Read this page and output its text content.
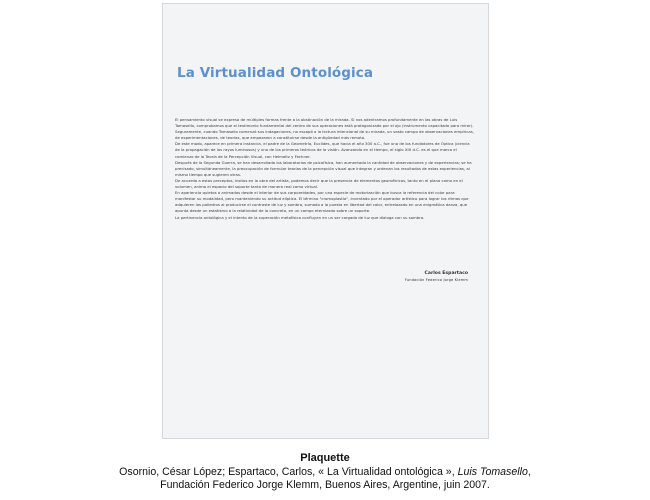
La Virtualidad Ontológica

El pensamiento visual se expresa de múltiples formas frente a la obstinación de la mirada. Si nos adentramos profundamente en las obras de Luis Tomasello, comprobamos que el testimonio fundamental del centro de sus operaciones está protagonizado por el ojo (instrumento capacitado para mirar).

Seguramente, cuando Tomasello comenzó sus indagaciones, no escapó a la lectura intencional de su mirada, un vasto campo de observaciones empíricas, de experimentaciones, de teorías, que empezaron a constituirse desde la antigüedad más remota.

De este modo, aparece en primera instancia, el padre de la Geometría, Euclides, que hacia el año 300 a.C., fue uno de los fundadores de Óptica (ciencia de la propagación de los rayos luminosos) y uno de los primeros teóricos de la visión. Avanzando en el tiempo, el siglo XIX d.C. es el que marca el comienzo de la Teoría de la Percepción Visual, con Helmoltz y Fechner.

Después de la Segunda Guerra, se han desarrollado los laboratorios de psicofísica, han aumentado la cantidad de observaciones y de experiencias; se ha precisado, simultáneamente, la preocupación de formular teorías de la percepción visual que integran y ordenan los resultados de estas experiencias, al mismo tiempo que sugieren otras.

De acuerdo a estos preceptos, insitos en la obra del artista, podemos decir que la presencia de elementos geométricos, tanto en el plano como en el volumen, anima el espacio del soporte tanto de manera real como virtual.

En apariencia quietos o animados desde el interior de sus corporeidades, por una especie de motorización que busca la referencia del color para manifestar su modalidad, pero manteniendo su actitud elíptica. El término "cromoplastía", inventado por el operador artístico para lograr los ritmos que adquieren los poliedros al producirse el contraste de luz y sombra, sumado a la puesta en libertad del color, entrelazado en una enigmática danza, que apunta desde un estatismo a la relatividad de lo concreto, en un campo eternizado sobre un soporte.

La pertinencia ontológica y el intento de la superación metafísica confluyen en un ser cargado de luz que dialoga con su sombra.

Carlos Espartaco
Fundación Federico Jorge Klemm
Plaquette
Osornio, César López; Espartaco, Carlos, « La Virtualidad ontológica », Luis Tomasello,
Fundación Federico Jorge Klemm, Buenos Aires, Argentine, juin 2007.
